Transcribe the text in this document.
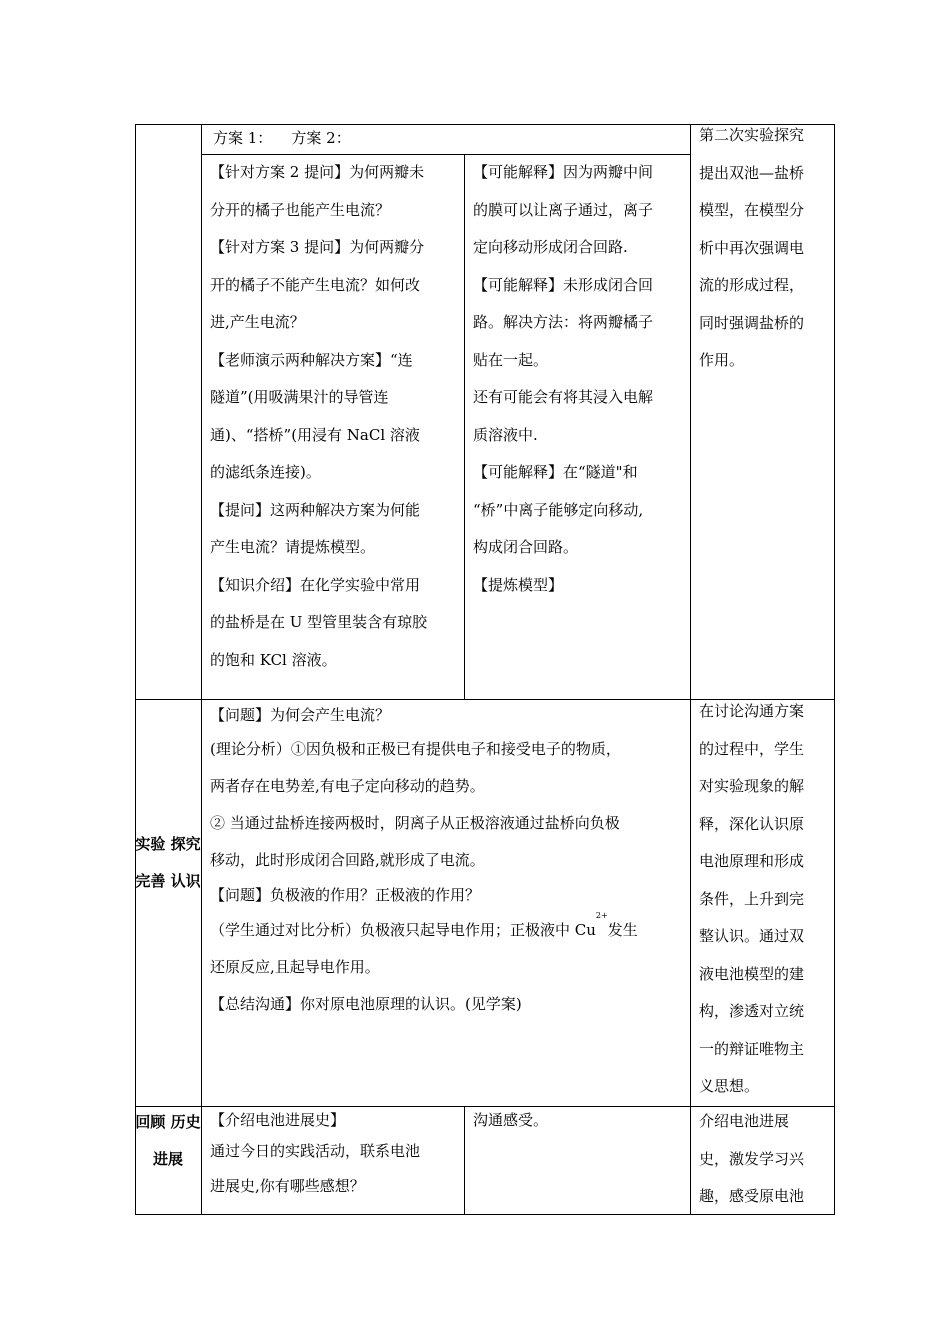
方案 1：    方案 2：
【针对方案 2 提问】为何两瓣未
分开的橘子也能产生电流？
【针对方案 3 提问】为何两瓣分
开的橘子不能产生电流？如何改
进,产生电流？
【老师演示两种解决方案】“连
隧道”(用吸满果汁的导管连
通)、“搭桥”(用浸有 NaCl 溶液
的滤纸条连接)。
【提问】这两种解决方案为何能
产生电流？请提炼模型。
【知识介绍】在化学实验中常用
的盐桥是在 U 型管里装含有琼胶
的饱和 KCl 溶液。
【可能解释】因为两瓣中间
的膜可以让离子通过，离子
定向移动形成闭合回路.
【可能解释】未形成闭合回
路。解决方法：将两瓣橘子
贴在一起。
还有可能会有将其浸入电解
质溶液中.
【可能解释】在“隧道"和
“桥”中离子能够定向移动,
构成闭合回路。
【提炼模型】
第二次实验探究
提出双池—盐桥
模型，在模型分
析中再次强调电
流的形成过程，
同时强调盐桥的
作用。
实验 探究 完善 认识
【问题】为何会产生电流？
(理论分析）①因负极和正极已有提供电子和接受电子的物质，
两者存在电势差,有电子定向移动的趋势。
② 当通过盐桥连接两极时，阴离子从正极溶液通过盐桥向负极
移动，此时形成闭合回路,就形成了电流。
【问题】负极液的作用？正极液的作用？
（学生通过对比分析）负极液只起导电作用；正极液中 $Cu^{2+}$发生
还原反应,且起导电作用。
【总结沟通】你对原电池原理的认识。(见学案)
在讨论沟通方案
的过程中，学生
对实验现象的解
释，深化认识原
电池原理和形成
条件，上升到完
整认识。通过双
液电池模型的建
构，渗透对立统
一的辩证唯物主
义思想。
回顾 历史 进展
【介绍电池进展史】
通过今日的实践活动，联系电池
进展史,你有哪些感想？
沟通感受。	介绍电池进展
史，激发学习兴
趣，感受原电池
